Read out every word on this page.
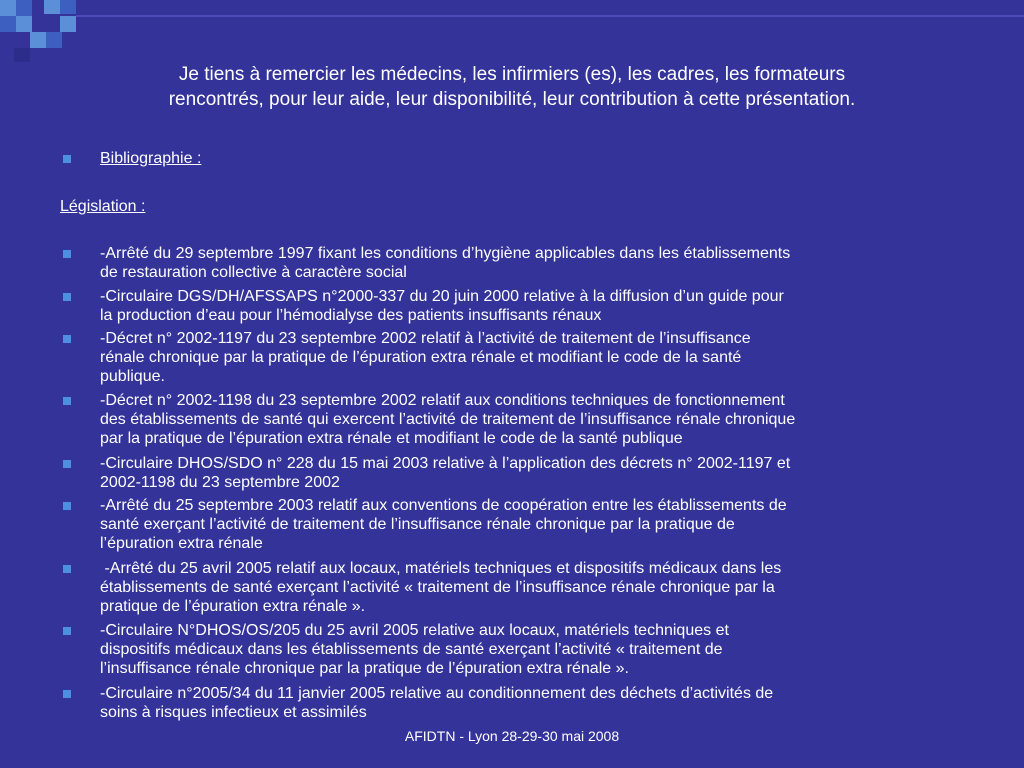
Je tiens à remercier les médecins, les infirmiers (es), les cadres, les formateurs
rencontrés, pour leur aide, leur disponibilité, leur contribution à cette présentation.
Bibliographie :
Législation :
-Arrêté du 29 septembre 1997 fixant les conditions d’hygiène applicables dans les établissements
de restauration collective à caractère social
-Circulaire DGS/DH/AFSSAPS n°2000-337 du 20 juin 2000 relative à la diffusion d’un guide pour
la production d’eau pour l’hémodialyse des patients insuffisants rénaux
-Décret n° 2002-1197 du 23 septembre 2002 relatif à l’activité de traitement de l’insuffisance
rénale chronique par la pratique de l’épuration extra rénale et modifiant le code de la santé
publique.
-Décret n° 2002-1198 du 23 septembre 2002 relatif aux conditions techniques de fonctionnement
des établissements de santé qui exercent l’activité de traitement de l’insuffisance rénale chronique
par la pratique de l’épuration extra rénale et modifiant le code de la santé publique
-Circulaire DHOS/SDO n° 228 du 15 mai 2003 relative à l’application des décrets n° 2002-1197 et
2002-1198 du 23 septembre 2002
-Arrêté du 25 septembre 2003 relatif aux conventions de coopération entre les établissements de
santé exerçant l’activité de traitement de l’insuffisance rénale chronique par la pratique de
l’épuration extra rénale
-Arrêté du 25 avril 2005 relatif aux locaux, matériels techniques et dispositifs médicaux dans les
établissements de santé exerçant l’activité « traitement de l’insuffisance rénale chronique par la
pratique de l’épuration extra rénale ».
-Circulaire N°DHOS/OS/205 du 25 avril 2005 relative aux locaux, matériels techniques et
dispositifs médicaux dans les établissements de santé exerçant l’activité « traitement de
l’insuffisance rénale chronique par la pratique de l’épuration extra rénale ».
-Circulaire n°2005/34 du 11 janvier 2005 relative au conditionnement des déchets d’activités de
soins à risques infectieux et assimilés
AFIDTN - Lyon 28-29-30 mai 2008
